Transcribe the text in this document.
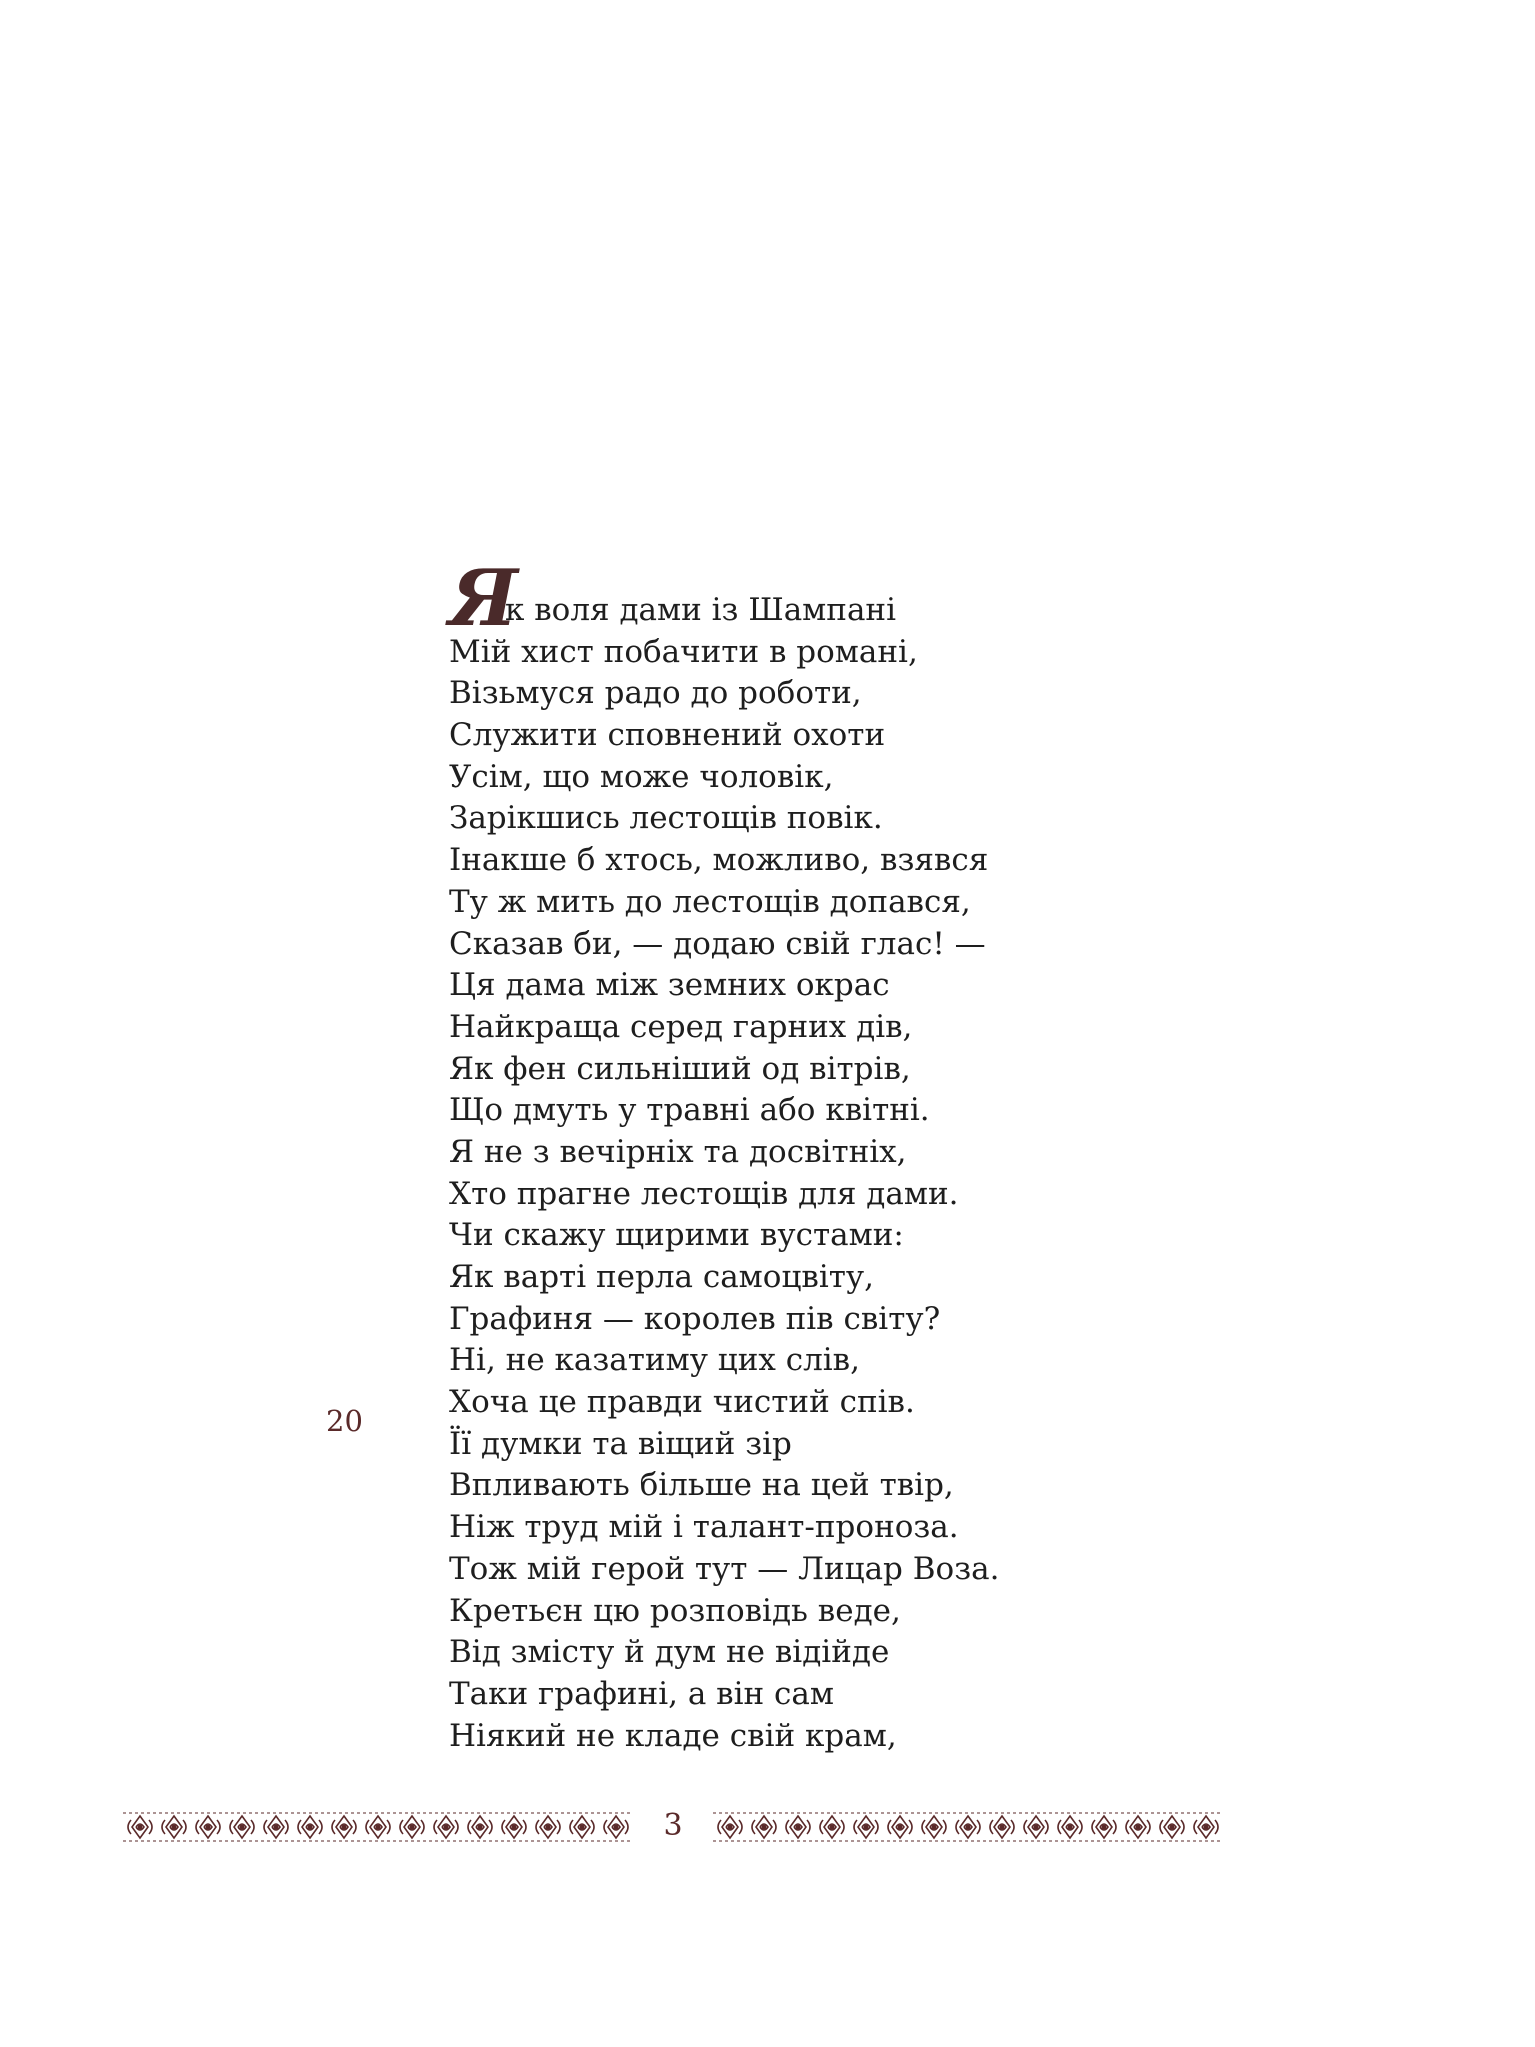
Я
к воля дами із Шампані
Мій хист побачити в романі,
Візьмуся радо до роботи,
Служити сповнений охоти
Усім, що може чоловік,
Зарікшись лестощів повік.
Інакше б хтось, можливо, взявся
Ту ж мить до лестощів допався,
Сказав би, — додаю свій глас! —
Ця дама між земних окрас
Найкраща серед гарних дів,
Як фен сильніший од вітрів,
Що дмуть у травні або квітні.
Я не з вечірніх та досвітніх,
Хто прагне лестощів для дами.
Чи скажу щирими вустами:
Як варті перла самоцвіту,
Графиня — королев пів світу?
Ні, не казатиму цих слів,
Хоча це правди чистий спів.
Її думки та віщий зір
Впливають більше на цей твір,
Ніж труд мій і талант-проноза.
Тож мій герой тут — Лицар Воза.
Кретьєн цю розповідь веде,
Від змісту й дум не відійде
Таки графині, а він сам
Ніякий не кладе свій крам,
20
3
